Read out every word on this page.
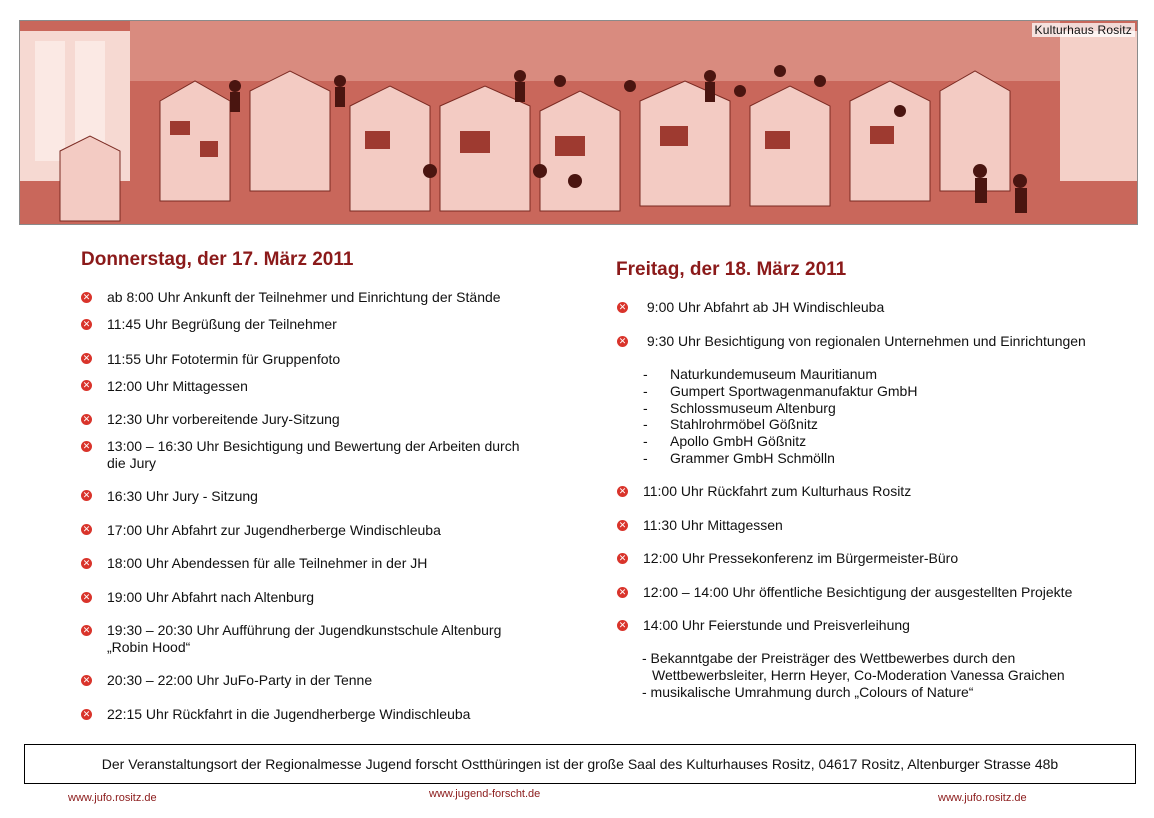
Kulturhaus Rositz
Donnerstag, der 17. März 2011
✕ ab 8:00 Uhr Ankunft der Teilnehmer und Einrichtung der Stände
✕ 11:45 Uhr Begrüßung der Teilnehmer
✕ 11:55 Uhr Fototermin für Gruppenfoto
✕ 12:00 Uhr Mittagessen
✕ 12:30 Uhr vorbereitende Jury-Sitzung
✕ 13:00 – 16:30 Uhr Besichtigung und Bewertung der Arbeiten durch
die Jury
✕ 16:30 Uhr Jury - Sitzung
✕ 17:00 Uhr Abfahrt zur Jugendherberge Windischleuba
✕ 18:00 Uhr Abendessen für alle Teilnehmer in der JH
✕ 19:00 Uhr Abfahrt nach Altenburg
✕ 19:30 – 20:30 Uhr Aufführung der Jugendkunstschule Altenburg
„Robin Hood“
✕ 20:30 – 22:00 Uhr JuFo-Party in der Tenne
✕ 22:15 Uhr Rückfahrt in die Jugendherberge Windischleuba
Freitag, der 18. März 2011
✕ 9:00 Uhr Abfahrt ab JH Windischleuba
✕ 9:30 Uhr Besichtigung von regionalen Unternehmen und Einrichtungen
- Naturkundemuseum Mauritianum
- Gumpert Sportwagenmanufaktur GmbH
- Schlossmuseum Altenburg
- Stahlrohrmöbel Gößnitz
- Apollo GmbH Gößnitz
- Grammer GmbH Schmölln
✕ 11:00 Uhr Rückfahrt zum Kulturhaus Rositz
✕ 11:30 Uhr Mittagessen
✕ 12:00 Uhr Pressekonferenz im Bürgermeister-Büro
✕ 12:00 – 14:00 Uhr öffentliche Besichtigung der ausgestellten Projekte
✕ 14:00 Uhr Feierstunde und Preisverleihung
- Bekanntgabe der Preisträger des Wettbewerbes durch den
Wettbewerbsleiter, Herrn Heyer, Co-Moderation Vanessa Graichen
- musikalische Umrahmung durch „Colours of Nature“
Der Veranstaltungsort der Regionalmesse Jugend forscht Ostthüringen ist der große Saal des Kulturhauses Rositz, 04617 Rositz, Altenburger Strasse 48b
www.jufo.rositz.de	www.jugend-forscht.de	www.jufo.rositz.de
